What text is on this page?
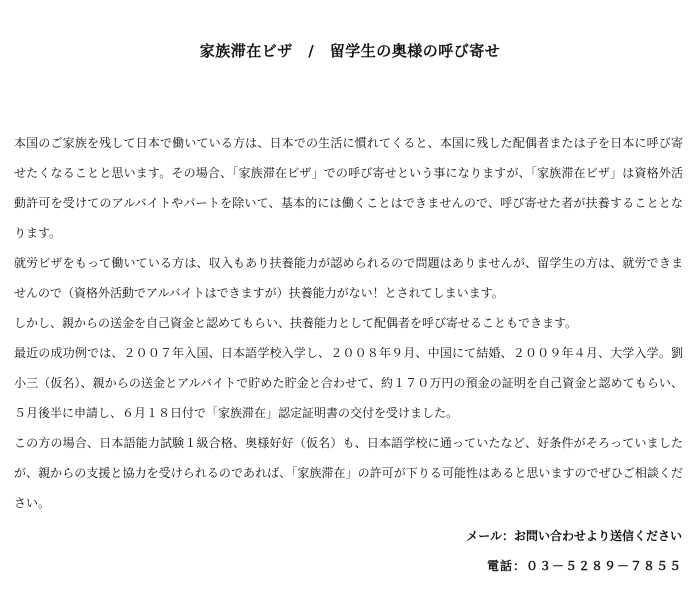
家族滞在ビザ　/　留学生の奥様の呼び寄せ

本国のご家族を残して日本で働いている方は、日本での生活に慣れてくると、本国に残した配偶者または子を日本に呼び寄せたくなることと思います。その場合、「家族滞在ビザ」での呼び寄せという事になりますが、「家族滞在ビザ」は資格外活動許可を受けてのアルバイトやパートを除いて、基本的には働くことはできませんので、呼び寄せた者が扶養することとなります。

就労ビザをもって働いている方は、収入もあり扶養能力が認められるので問題はありませんが、留学生の方は、就労できませんので（資格外活動でアルバイトはできますが）扶養能力がない！とされてしまいます。

しかし、親からの送金を自己資金と認めてもらい、扶養能力として配偶者を呼び寄せることもできます。

最近の成功例では、２００７年入国、日本語学校入学し、２００８年９月、中国にて結婚、２００９年４月、大学入学。劉小三（仮名）、親からの送金とアルバイトで貯めた貯金と合わせて、約１７０万円の預金の証明を自己資金と認めてもらい、５月後半に申請し、６月１８日付で「家族滞在」認定証明書の交付を受けました。

この方の場合、日本語能力試験１級合格、奥様好好（仮名）も、日本語学校に通っていたなど、好条件がそろっていましたが、親からの支援と協力を受けられるのであれば、「家族滞在」の許可が下りる可能性はあると思いますのでぜひご相談ください。

メール：お問い合わせより送信ください

電話：０３－５２８９－７８５５
